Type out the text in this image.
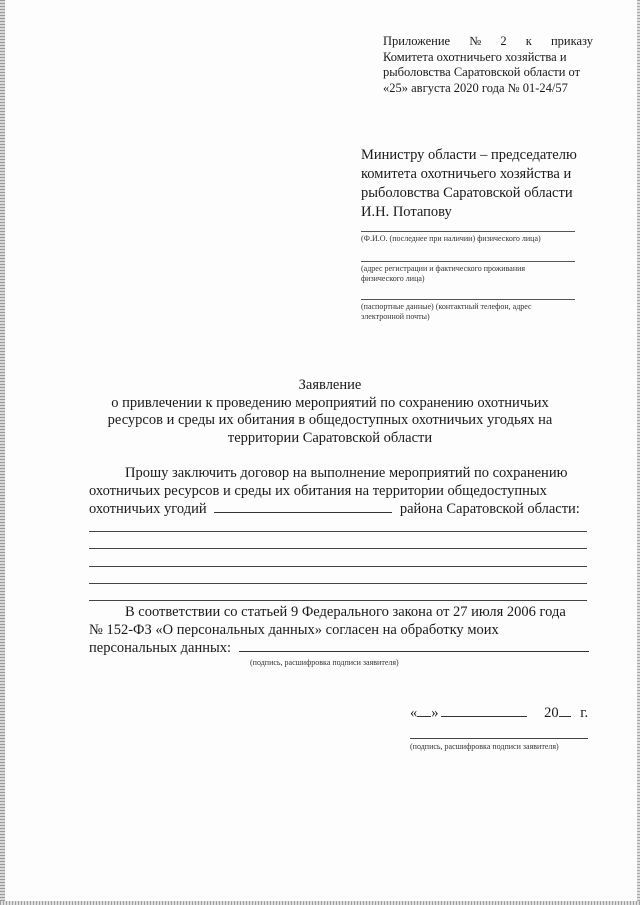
Приложение № 2 к приказу
Комитета охотничьего хозяйства и
рыболовства Саратовской области от
«25» августа 2020 года № 01-24/57
Министру области – председателю
комитета охотничьего хозяйства и
рыболовства Саратовской области
И.Н. Потапову
(Ф.И.О. (последнее при наличии) физического лица)
(адрес регистрации и фактического проживания
физического лица)
(паспортные данные) (контактный телефон, адрес
электронной почты)
Заявление
о привлечении к проведению мероприятий по сохранению охотничьих
ресурсов и среды их обитания в общедоступных охотничьих угодьях на
территории Саратовской области
Прошу заключить договор на выполнение мероприятий по сохранению
охотничьих ресурсов и среды их обитания на территории общедоступных
охотничьих угодий	района Саратовской области:
В соответствии со статьей 9 Федерального закона от 27 июля 2006 года
№ 152-ФЗ «О персональных данных» согласен на обработку моих
персональных данных:
(подпись, расшифровка подписи заявителя)
« »	20 г.
(подпись, расшифровка подписи заявителя)
